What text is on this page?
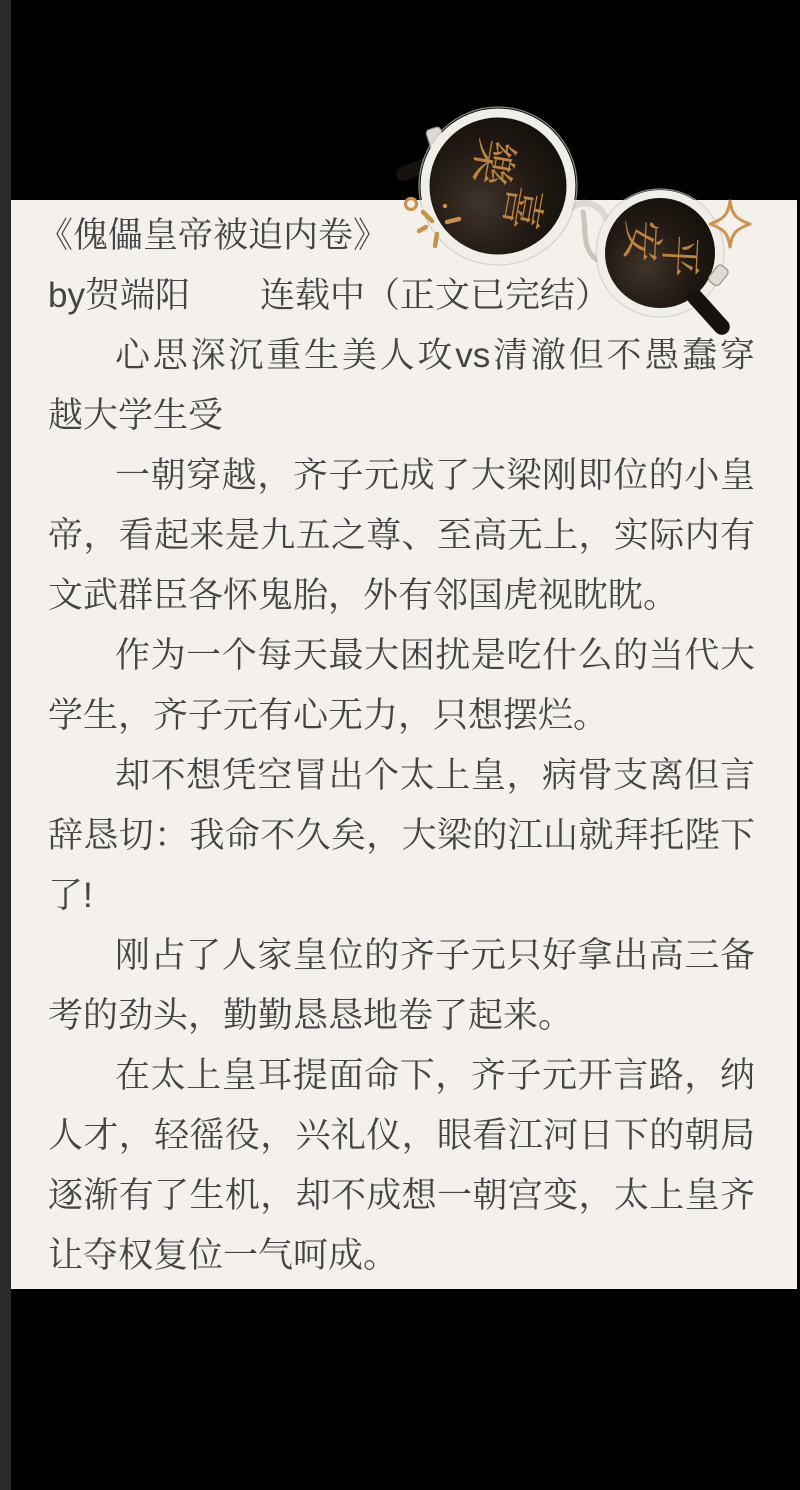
《傀儡皇帝被迫内卷》
by贺端阳　　连载中（正文已完结）
心思深沉重生美人攻vs清澈但不愚蠢穿
越大学生受
一朝穿越，齐子元成了大梁刚即位的小皇
帝，看起来是九五之尊、至高无上，实际内有
文武群臣各怀鬼胎，外有邻国虎视眈眈。
作为一个每天最大困扰是吃什么的当代大
学生，齐子元有心无力，只想摆烂。
却不想凭空冒出个太上皇，病骨支离但言
辞恳切：我命不久矣，大梁的江山就拜托陛下
了!
刚占了人家皇位的齐子元只好拿出高三备
考的劲头，勤勤恳恳地卷了起来。
在太上皇耳提面命下，齐子元开言路，纳
人才，轻徭役，兴礼仪，眼看江河日下的朝局
逐渐有了生机，却不成想一朝宫变，太上皇齐
让夺权复位一气呵成。
樂
喜
安
平
